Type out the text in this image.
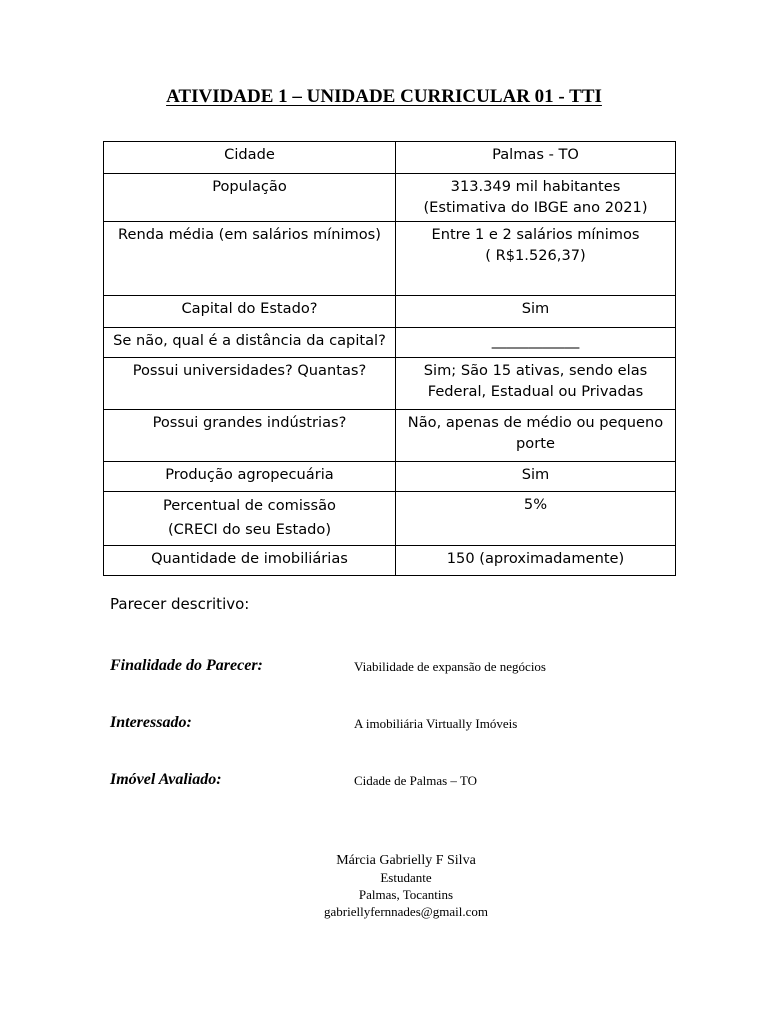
ATIVIDADE 1 – UNIDADE CURRICULAR 01 - TTI
Cidade	Palmas - TO
População	313.349 mil habitantes
(Estimativa do IBGE ano 2021)
Renda média (em salários mínimos)	Entre 1 e 2 salários mínimos
( R$1.526,37)
Capital do Estado?	Sim
Se não, qual é a distância da capital?	____________
Possui universidades? Quantas?	Sim; São 15 ativas, sendo elas Federal, Estadual ou Privadas
Possui grandes indústrias?	Não, apenas de médio ou pequeno porte
Produção agropecuária	Sim
Percentual de comissão
(CRECI do seu Estado)	5%
Quantidade de imobiliárias	150 (aproximadamente)
Parecer descritivo:
Finalidade do Parecer:	Viabilidade de expansão de negócios
Interessado:	A imobiliária Virtually Imóveis
Imóvel Avaliado:	Cidade de Palmas – TO
Márcia Gabrielly F Silva
Estudante
Palmas, Tocantins
gabriellyfernnades@gmail.com
